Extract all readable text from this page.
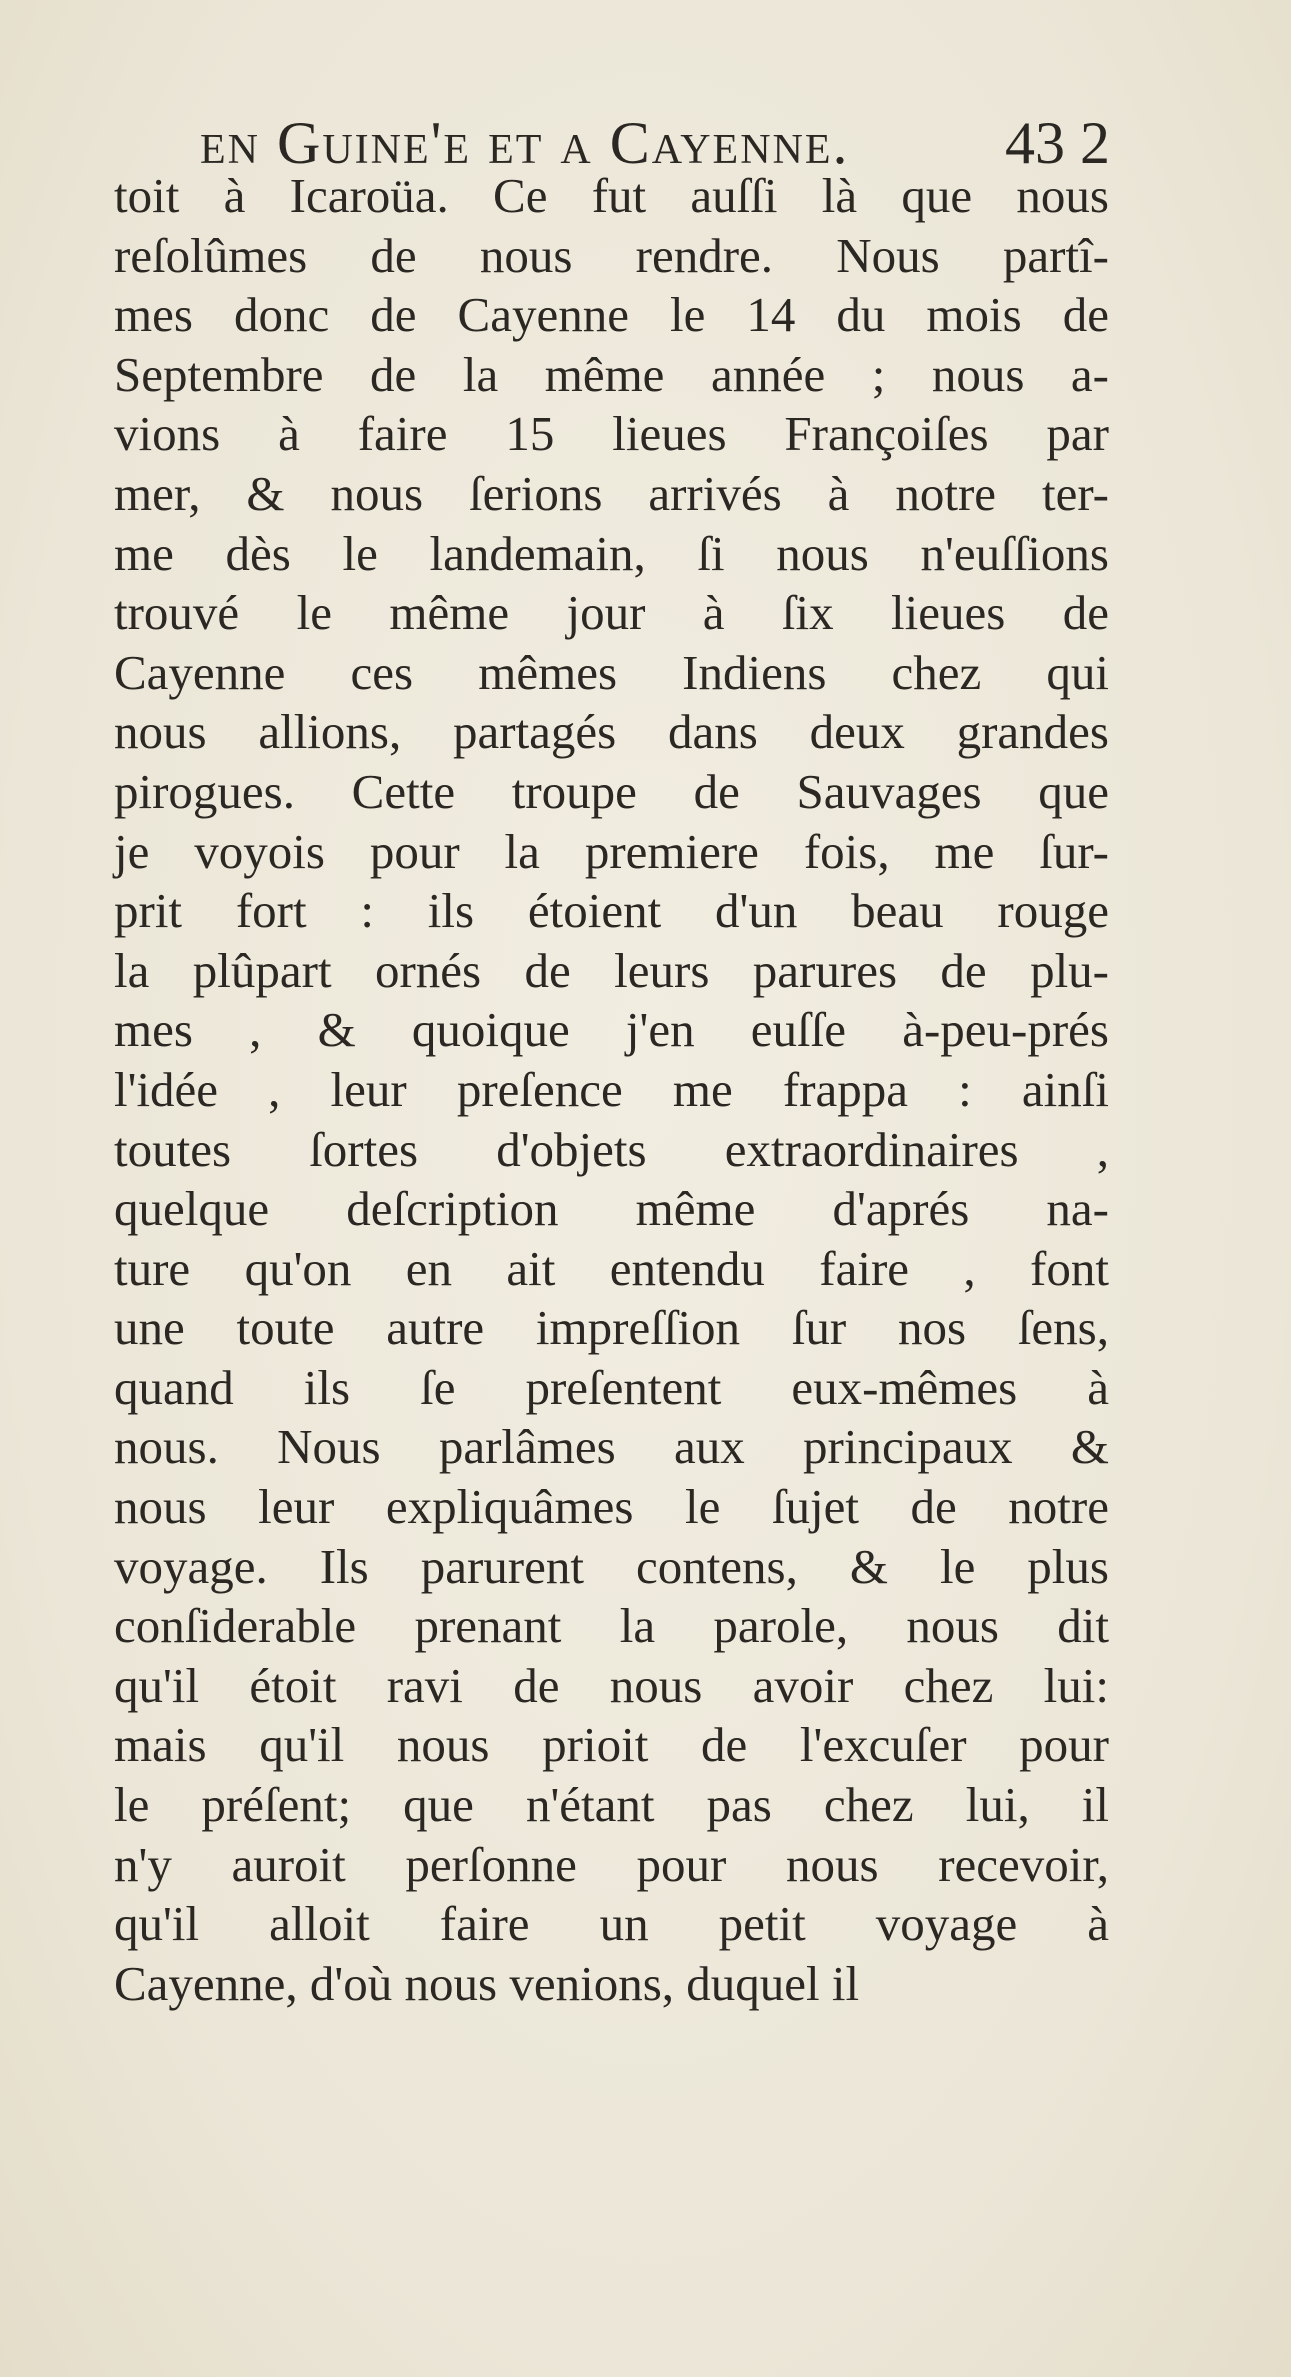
en Guine'e et a Cayenne.	43 2
toit à Icaroüa. Ce fut auſſi là que nous
reſolûmes de nous rendre. Nous partî-
mes donc de Cayenne le 14 du mois de
Septembre de la même année ; nous a-
vions à faire 15 lieues Françoiſes par
mer, & nous ſerions arrivés à notre ter-
me dès le landemain, ſi nous n'euſſions
trouvé le même jour à ſix lieues de
Cayenne ces mêmes Indiens chez qui
nous allions, partagés dans deux grandes
pirogues. Cette troupe de Sauvages que
je voyois pour la premiere fois, me ſur-
prit fort : ils étoient d'un beau rouge
la plûpart ornés de leurs parures de plu-
mes , & quoique j'en euſſe à-peu-prés
l'idée , leur preſence me frappa : ainſi
toutes ſortes d'objets extraordinaires ,
quelque deſcription même d'aprés na-
ture qu'on en ait entendu faire , font
une toute autre impreſſion ſur nos ſens,
quand ils ſe preſentent eux-mêmes à
nous. Nous parlâmes aux principaux &
nous leur expliquâmes le ſujet de notre
voyage. Ils parurent contens, & le plus
conſiderable prenant la parole, nous dit
qu'il étoit ravi de nous avoir chez lui:
mais qu'il nous prioit de l'excuſer pour
le préſent; que n'étant pas chez lui, il
n'y auroit perſonne pour nous recevoir,
qu'il alloit faire un petit voyage à
Cayenne, d'où nous venions, duquel il
